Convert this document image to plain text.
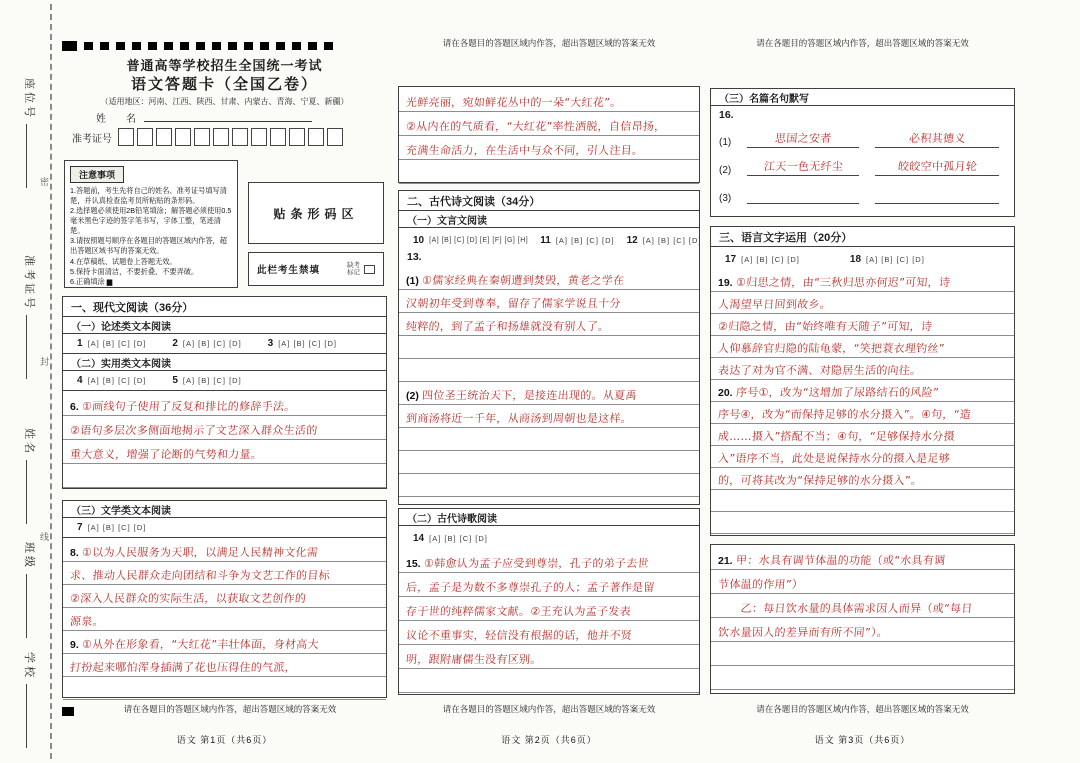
密
封
线
座位号
准考证号
姓名
班级
学校
普通高等学校招生全国统一考试
语文答题卡（全国乙卷）
（适用地区：河南、江西、陕西、甘肃、内蒙古、青海、宁夏、新疆）
姓　　名
准考证号
注意事项
1.答题前，考生先将自己的姓名、准考证号填写清楚，并认真检查监考员所粘贴的条形码。
2.选择题必须使用2B铅笔填涂；解答题必须使用0.5毫米黑色字迹的签字笔书写，字体工整，笔迹清楚。
3.请按照题号顺序在各题目的答题区域内作答，超出答题区域书写的答案无效。
4.在草稿纸、试题卷上答题无效。
5.保持卡面清洁，不要折叠、不要弄破。
6.正确填涂 ▆
贴条形码区
此栏考生禁填	缺考
标记
一、现代文阅读（36分）
（一）论述类文本阅读
1 [A] [B] [C] [D]	2 [A] [B] [C] [D]	3 [A] [B] [C] [D]
（二）实用类文本阅读
4 [A] [B] [C] [D]	5 [A] [B] [C] [D]
6. ①画线句子使用了反复和排比的修辞手法。
②语句多层次多侧面地揭示了文艺深入群众生活的
重大意义，增强了论断的气势和力量。
（三）文学类文本阅读
7 [A] [B] [C] [D]
8. ①以为人民服务为天职，以满足人民精神文化需
求、推动人民群众走向团结和斗争为文艺工作的目标
②深入人民群众的实际生活，以获取文艺创作的
源泉。
9. ①从外在形象看，“大红花”丰壮体面，身材高大
打扮起来哪怕浑身插满了花也压得住的气派，
请在各题目的答题区域内作答，超出答题区域的答案无效
语文 第1页（共6页）
请在各题目的答题区域内作答，超出答题区域的答案无效
光鲜亮丽，宛如鲜花丛中的一朵“大红花”。
②从内在的气质看，“大红花”率性洒脱，自信昂扬，
充满生命活力，在生活中与众不同，引人注目。
二、古代诗文阅读（34分）
（一）文言文阅读
10 [A] [B] [C] [D] [E] [F] [G] [H] 11 [A] [B] [C] [D] 12 [A] [B] [C] [D]
13.
(1) ①儒家经典在秦朝遭到焚毁，黄老之学在
汉朝初年受到尊奉，留存了儒家学说且十分
纯粹的，到了孟子和扬雄就没有别人了。
(2) 四位圣王统治天下，是接连出现的。从夏禹
到商汤将近一千年，从商汤到周朝也是这样。
（二）古代诗歌阅读
14 [A] [B] [C] [D]
15. ①韩愈认为孟子应受到尊崇，孔子的弟子去世
后，孟子是为数不多尊崇孔子的人；孟子著作是留
存于世的纯粹儒家文献。②王充认为孟子发表
议论不重事实，轻信没有根据的话，他并不贤
明，跟附庸儒生没有区别。
请在各题目的答题区域内作答，超出答题区域的答案无效
语文 第2页（共6页）
请在各题目的答题区域内作答，超出答题区域的答案无效
（三）名篇名句默写
16.
(1)	思国之安者	必积其德义
(2)	江天一色无纤尘	皎皎空中孤月轮
(3)
三、语言文字运用（20分）
17 [A] [B] [C] [D]	18 [A] [B] [C] [D]
19. ①归思之情，由“三秋归思亦何迟”可知，诗
人渴望早日回到故乡。
②归隐之情，由“始终唯有天随子”可知，诗
人仰慕辞官归隐的陆龟蒙，“笑把蓑衣理钓丝”
表达了对为官不满、对隐居生活的向往。
20. 序号①，改为“这增加了尿路结石的风险”
序号④，改为“而保持足够的水分摄入”。④句，“造
成……摄入”搭配不当；④句，“足够保持水分摄
入”语序不当，此处是说保持水分的摄入是足够
的，可将其改为“保持足够的水分摄入”。
21. 甲：水具有调节体温的功能（或“水具有调
节体温的作用”）
　　乙：每日饮水量的具体需求因人而异（或“每日
饮水量因人的差异而有所不同”）。
请在各题目的答题区域内作答，超出答题区域的答案无效
语文 第3页（共6页）
